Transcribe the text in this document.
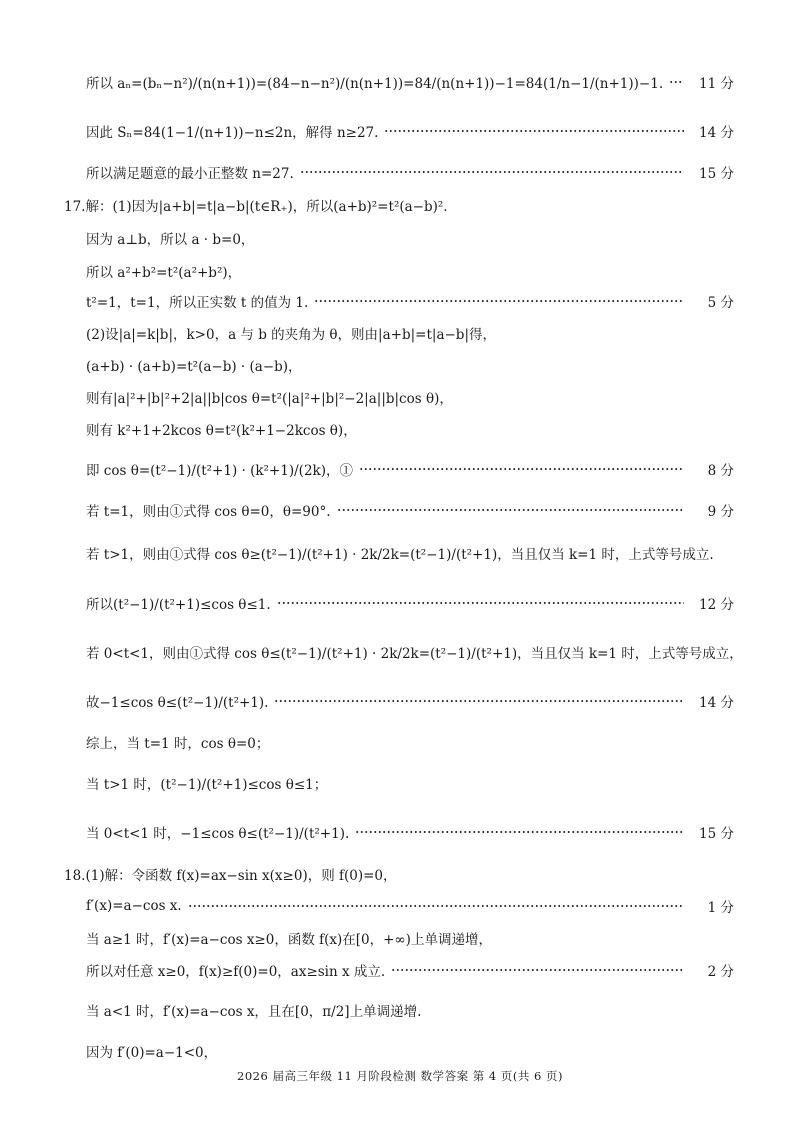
所以 aₙ=(bₙ−n²)/(n(n+1))=(84−n−n²)/(n(n+1))=84/(n(n+1))−1=84(1/n−1/(n+1))−1.	11 分
因此 Sₙ=84(1−1/(n+1))−n≤2n，解得 n≥27.	14 分
所以满足题意的最小正整数 n=27.	15 分
17.解：(1)因为|a+b|=t|a−b|(t∈R₊)，所以(a+b)²=t²(a−b)².
因为 a⊥b，所以 a · b=0，
所以 a²+b²=t²(a²+b²)，
t²=1，t=1，所以正实数 t 的值为 1.	5 分
(2)设|a|=k|b|，k>0，a 与 b 的夹角为 θ，则由|a+b|=t|a−b|得，
(a+b) · (a+b)=t²(a−b) · (a−b)，
则有|a|²+|b|²+2|a||b|cos θ=t²(|a|²+|b|²−2|a||b|cos θ)，
则有 k²+1+2kcos θ=t²(k²+1−2kcos θ)，
即 cos θ=(t²−1)/(t²+1) · (k²+1)/(2k)，①	8 分
若 t=1，则由①式得 cos θ=0，θ=90°.	9 分
若 t>1，则由①式得 cos θ≥(t²−1)/(t²+1) · 2k/2k=(t²−1)/(t²+1)，当且仅当 k=1 时，上式等号成立.
所以(t²−1)/(t²+1)≤cos θ≤1.	12 分
若 0<t<1，则由①式得 cos θ≤(t²−1)/(t²+1) · 2k/2k=(t²−1)/(t²+1)，当且仅当 k=1 时，上式等号成立，
故−1≤cos θ≤(t²−1)/(t²+1).	14 分
综上，当 t=1 时，cos θ=0；
当 t>1 时，(t²−1)/(t²+1)≤cos θ≤1；
当 0<t<1 时，−1≤cos θ≤(t²−1)/(t²+1).	15 分
18.(1)解：令函数 f(x)=ax−sin x(x≥0)，则 f(0)=0，
f′(x)=a−cos x.	1 分
当 a≥1 时，f′(x)=a−cos x≥0，函数 f(x)在[0，+∞)上单调递增，
所以对任意 x≥0，f(x)≥f(0)=0，ax≥sin x 成立.	2 分
当 a<1 时，f′(x)=a−cos x，且在[0，π/2]上单调递增.
因为 f′(0)=a−1<0，
2026 届高三年级 11 月阶段检测 数学答案 第 4 页(共 6 页)
